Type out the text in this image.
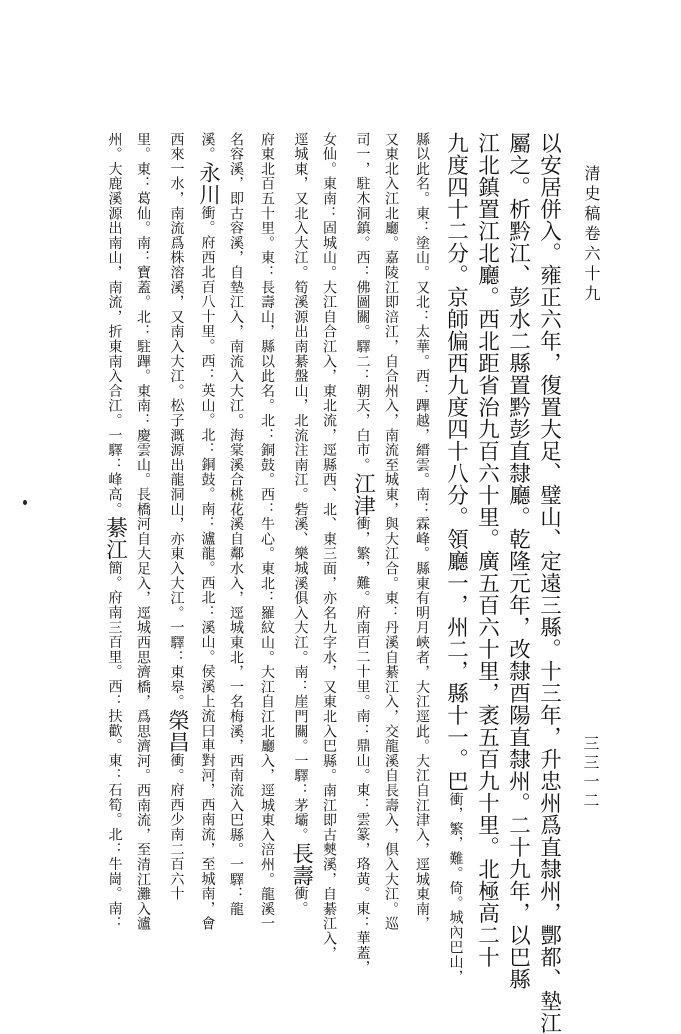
清史稿卷六十九
三三一二
以安居併入。雍正六年，復置大足、璧山、定遠三縣。十三年，升忠州爲直隸州，酆都、墊江
屬之。析黔江、彭水二縣置黔彭直隸廳。乾隆元年，改隸酉陽直隸州。二十九年，以巴縣
江北鎮置江北廳。西北距省治九百六十里。廣五百六十里，袤五百九十里。北極高二十
九度四十二分。京師偏西九度四十八分。領廳一，州二，縣十一。巴衝，繁，難。倚。城內巴山，
縣以此名。東：塗山。又北：太華。西：蹕越，縉雲。南：霖峰。縣東有明月峽者，大江逕此。大江自江津入，逕城東南，
又東北入江北廳。嘉陵江即涪江，自合州入，南流至城東，與大江合。東：丹溪自綦江入，交龍溪自長壽入，俱入大江。巡
司一，駐木洞鎮。西：佛圖關。驛二：朝天，白市。江津衝，繁，難。府南百二十里。南：鼎山。東：雲篆，珞黃。東：華蓋，
女仙。東南：固城山。大江自合江入，東北流，逕縣西、北、東三面，亦名九字水，又東北入巴縣。南江即古僰溪，自綦江入，
逕城東，又北入大江。筍溪源出南綦盤山，北流注南江。砦溪、樂城溪俱入大江。南：崖門關。一驛：茅壩。長壽衝。
府東北百五十里。東：長壽山，縣以此名。北：銅鼓。西：牛心。東北：羅紋山。大江自江北廳入，逕城東入涪州。龍溪一
名容溪，即古容溪，自墊江入，南流入大江。海棠溪合桃花溪自鄰水入，逕城東北，一名梅溪，西南流入巴縣。一驛：龍
溪。永川衝。府西北百八十里。西：英山。北：銅鼓。南：瀘龍。西北：溪山。侯溪上流曰車對河，西南流，至城南，會
西來一水，南流爲株溶溪，又南入大江。松子溉源出龍洞山，亦東入大江。一驛：東皋。榮昌衝。府西少南二百六十
里。東：葛仙。南：寶蓋。北：駐蹕。東南：慶雲山。長橋河自大足入，逕城西思濟橋，爲思濟河。西南流，至清江灘入瀘
州。大鹿溪源出南山，南流，折東南入合江。一驛：峰高。綦江簡。府南三百里。西：扶歡。東：石筍。北：牛崗。南：
